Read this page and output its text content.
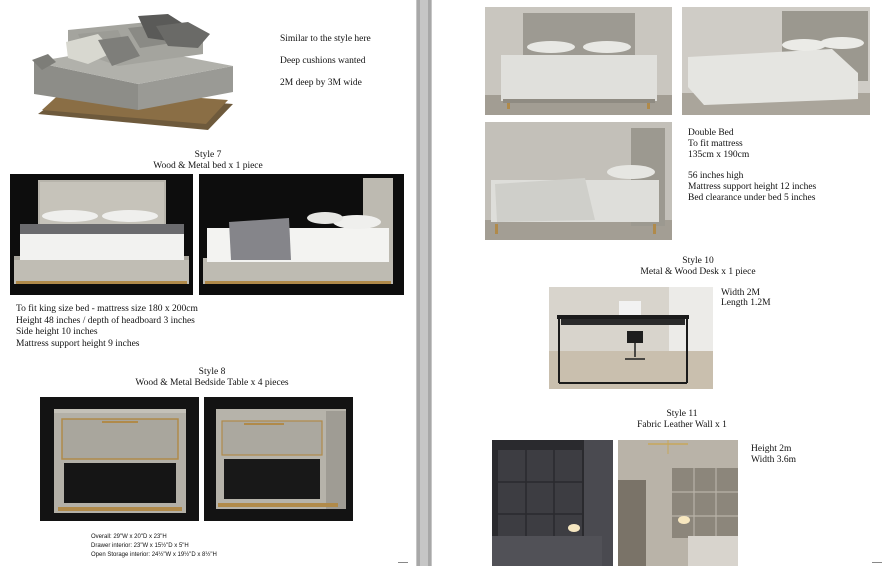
Similar to the style here
Deep cushions wanted
2M deep by 3M wide
Style 7
Wood & Metal bed x 1 piece
To fit king size bed - mattress size 180 x 200cm
Height 48 inches / depth of headboard 3 inches
Side height 10 inches
Mattress support height 9 inches
Style 8
Wood & Metal Bedside Table x 4 pieces
Overall: 29"W x 20"D x 23"H
Drawer interior: 23"W x 15½"D x 5"H
Open Storage interior: 24½"W x 19½"D x 8½"H
Double Bed
To fit mattress
135cm x 190cm
56 inches high
Mattress support height 12 inches
Bed clearance under bed 5 inches
Style 10
Metal & Wood Desk x 1 piece
Width 2M
Length 1.2M
Style 11
Fabric Leather Wall x 1
Height 2m
Width 3.6m
